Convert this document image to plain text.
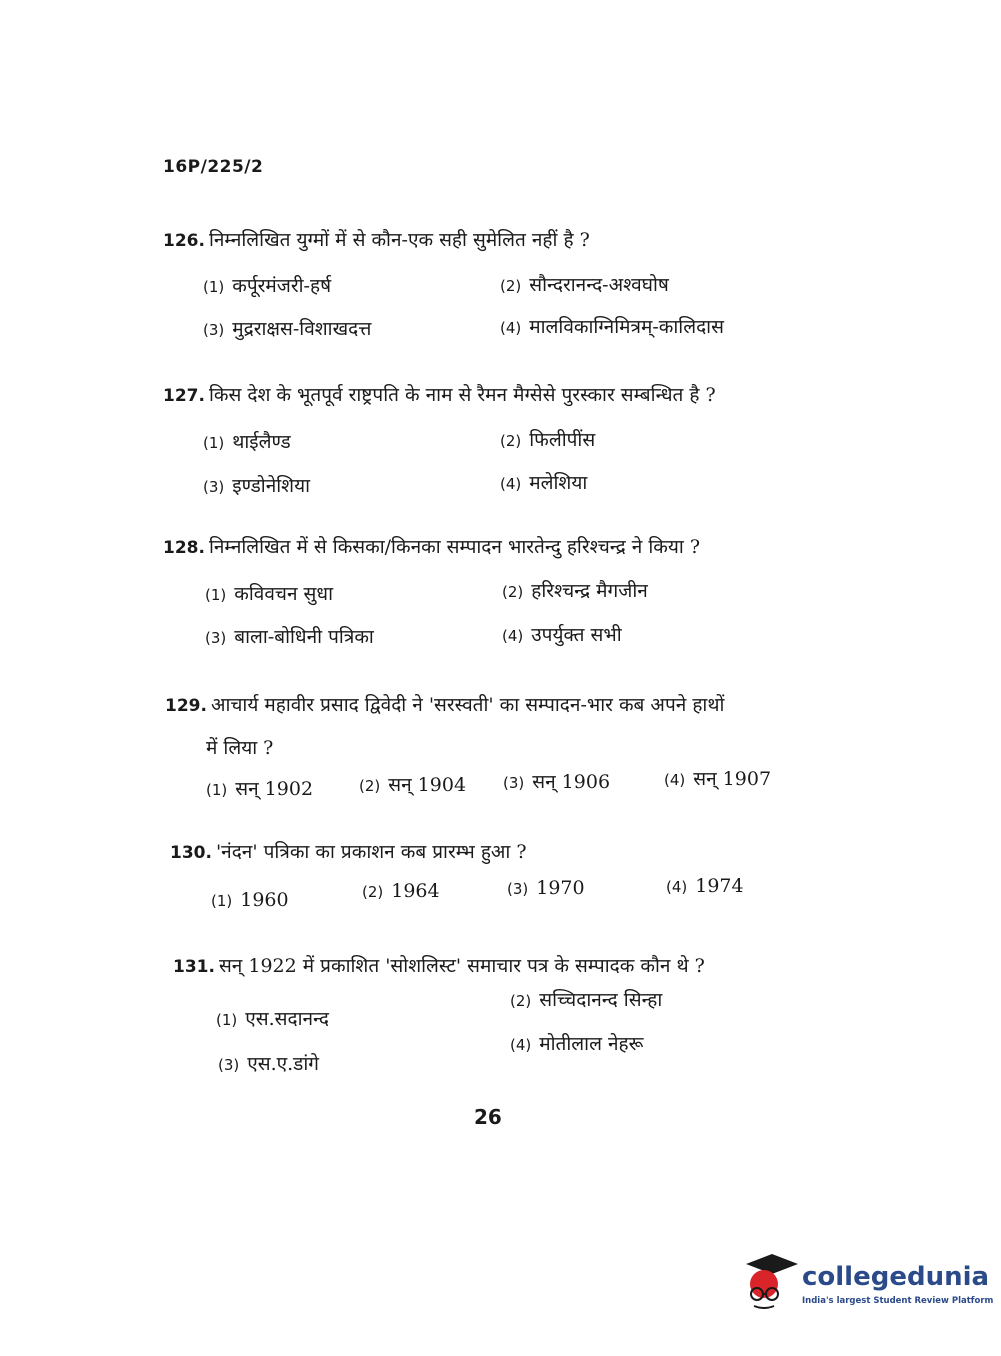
16P/225/2
126. निम्नलिखित युग्मों में से कौन-एक सही सुमेलित नहीं है ?
(1) कर्पूरमंजरी-हर्ष	(2) सौन्दरानन्द-अश्वघोष
(3) मुद्रराक्षस-विशाखदत्त	(4) मालविकाग्निमित्रम्-कालिदास
127. किस देश के भूतपूर्व राष्ट्रपति के नाम से रैमन मैग्सेसे पुरस्कार सम्बन्धित है ?
(1) थाईलैण्ड	(2) फिलीपींस
(3) इण्डोनेशिया	(4) मलेशिया
128. निम्नलिखित में से किसका/किनका सम्पादन भारतेन्दु हरिश्चन्द्र ने किया ?
(1) कविवचन सुधा	(2) हरिश्चन्द्र मैगजीन
(3) बाला-बोधिनी पत्रिका	(4) उपर्युक्त सभी
129. आचार्य महावीर प्रसाद द्विवेदी ने 'सरस्वती' का सम्पादन-भार कब अपने हाथों
में लिया ?
(1) सन् 1902	(2) सन् 1904 (3) सन् 1906	(4) सन् 1907
130. 'नंदन' पत्रिका का प्रकाशन कब प्रारम्भ हुआ ?
(1) 1960	(2) 1964	(3) 1970	(4) 1974
131. सन् 1922 में प्रकाशित 'सोशलिस्ट' समाचार पत्र के सम्पादक कौन थे ?
(1) एस.सदानन्द
(2) सच्चिदानन्द सिन्हा
(3) एस.ए.डांगे
(4) मोतीलाल नेहरू
26
collegedunia
India's largest Student Review Platform
